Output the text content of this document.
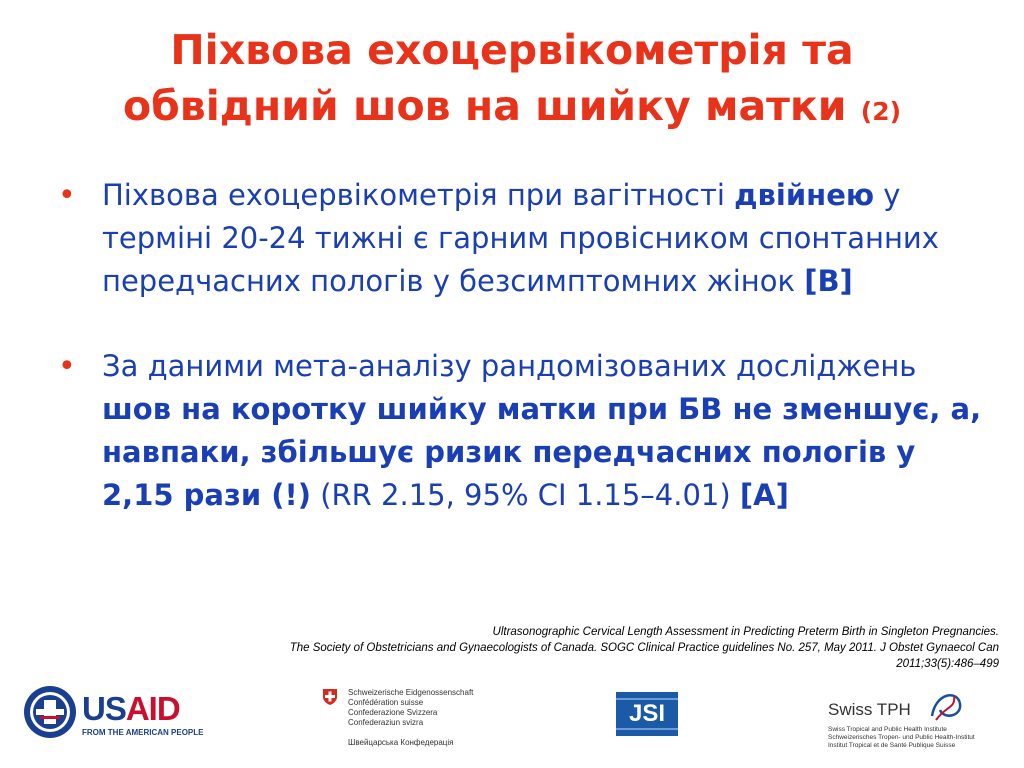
Піхвова ехоцервікометрія та
обвідний шов на шийку матки (2)
• Піхвова ехоцервікометрія при вагітності двійнею у терміні 20-24 тижні є гарним провісником спонтанних передчасних пологів у безсимптомних жінок [В]
• За даними мета-аналізу рандомізованих досліджень шов на коротку шийку матки при БВ не зменшує, а, навпаки, збільшує ризик передчасних пологів у 2,15 рази (!) (RR 2.15, 95% CI 1.15–4.01) [A]
Ultrasonographic Cervical Length Assessment in Predicting Preterm Birth in Singleton Pregnancies.
The Society of Obstetricians and Gynaecologists of Canada. SOGC Clinical Practice guidelines No. 257, May 2011. J Obstet Gynaecol Can
2011;33(5):486–499
USAID
FROM THE AMERICAN PEOPLE
Schweizerische Eidgenossenschaft
Confédération suisse
Confederazione Svizzera
Confederaziun svizra
Швейцарська Конфедерація
JSI	Swiss TPH
Swiss Tropical and Public Health Institute
Schweizerisches Tropen- und Public Health-Institut
Institut Tropical et de Santé Publique Suisse
